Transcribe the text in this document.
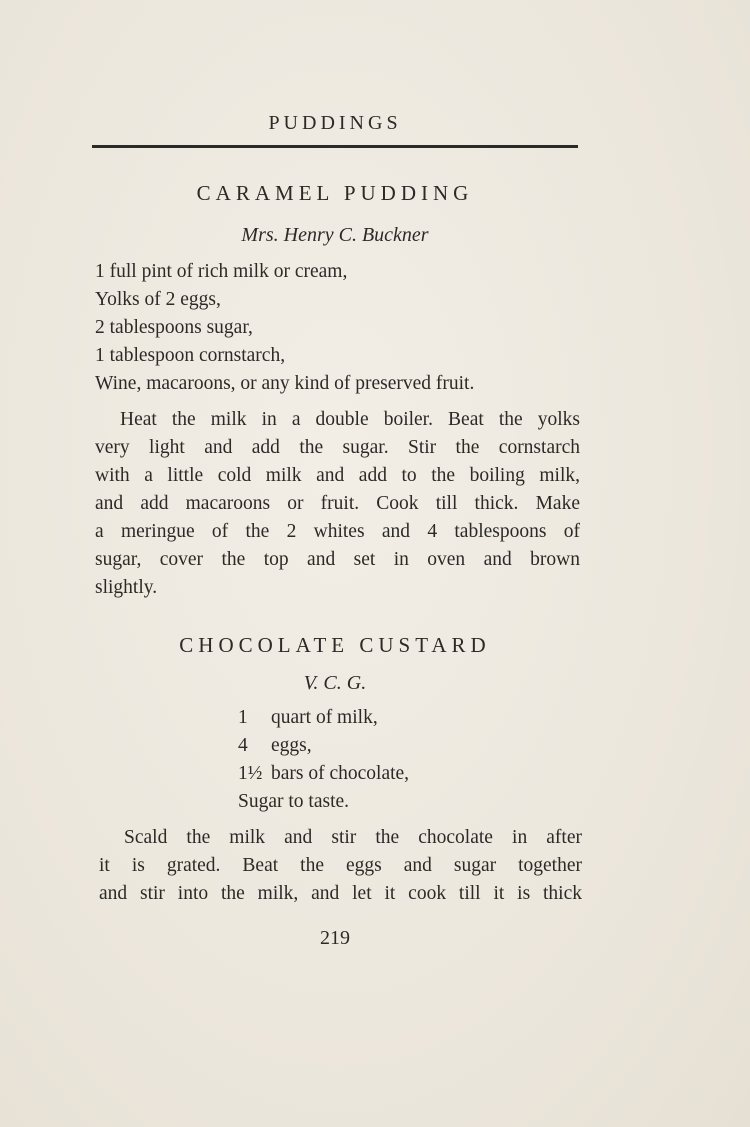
PUDDINGS
CARAMEL PUDDING
Mrs. Henry C. Buckner
1 full pint of rich milk or cream,
Yolks of 2 eggs,
2 tablespoons sugar,
1 tablespoon cornstarch,
Wine, macaroons, or any kind of preserved fruit.
Heat the milk in a double boiler. Beat the yolks
very light and add the sugar. Stir the cornstarch
with a little cold milk and add to the boiling milk,
and add macaroons or fruit. Cook till thick. Make
a meringue of the 2 whites and 4 tablespoons of
sugar, cover the top and set in oven and brown
slightly.
CHOCOLATE CUSTARD
V. C. G.
1 quart of milk,
4 eggs,
1½ bars of chocolate,
Sugar to taste.
Scald the milk and stir the chocolate in after
it is grated. Beat the eggs and sugar together
and stir into the milk, and let it cook till it is thick
219
